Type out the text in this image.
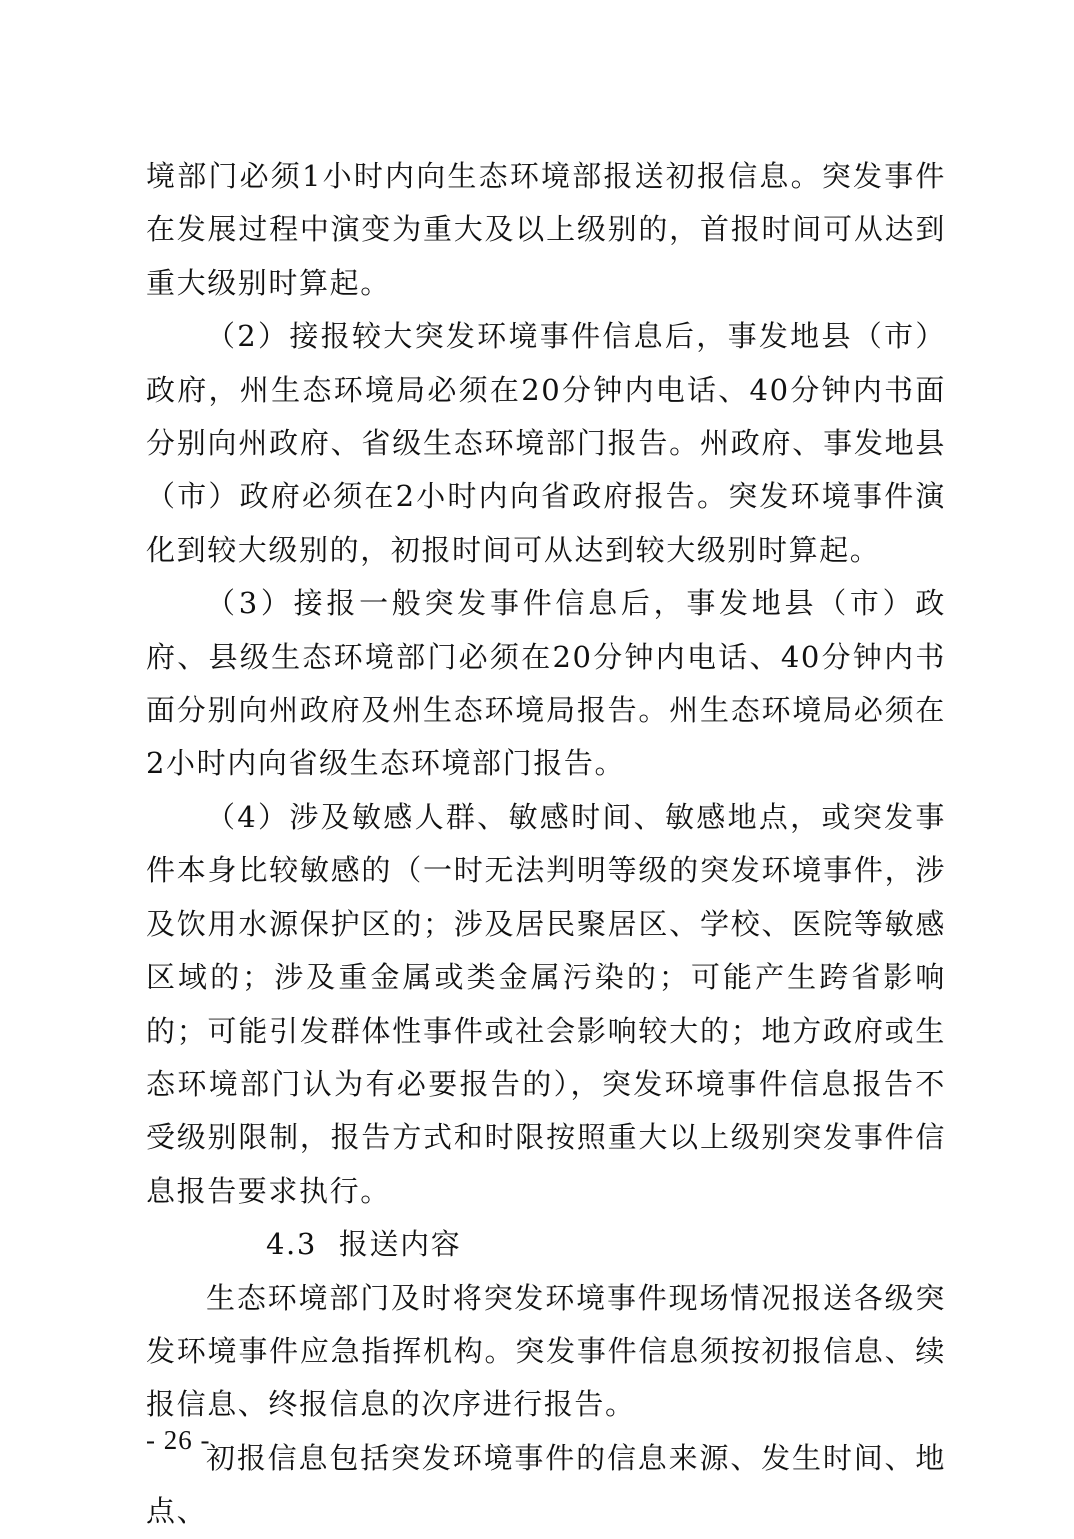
境部门必须1小时内向生态环境部报送初报信息。突发事件在发展过程中演变为重大及以上级别的，首报时间可从达到重大级别时算起。

（2）接报较大突发环境事件信息后，事发地县（市）政府，州生态环境局必须在20分钟内电话、40分钟内书面分别向州政府、省级生态环境部门报告。州政府、事发地县（市）政府必须在2小时内向省政府报告。突发环境事件演化到较大级别的，初报时间可从达到较大级别时算起。

（3）接报一般突发事件信息后，事发地县（市）政府、县级生态环境部门必须在20分钟内电话、40分钟内书面分别向州政府及州生态环境局报告。州生态环境局必须在2小时内向省级生态环境部门报告。

（4）涉及敏感人群、敏感时间、敏感地点，或突发事件本身比较敏感的（一时无法判明等级的突发环境事件，涉及饮用水源保护区的；涉及居民聚居区、学校、医院等敏感区域的；涉及重金属或类金属污染的；可能产生跨省影响的；可能引发群体性事件或社会影响较大的；地方政府或生态环境部门认为有必要报告的），突发环境事件信息报告不受级别限制，报告方式和时限按照重大以上级别突发事件信息报告要求执行。

4.3 报送内容

生态环境部门及时将突发环境事件现场情况报送各级突发环境事件应急指挥机构。突发事件信息须按初报信息、续报信息、终报信息的次序进行报告。

初报信息包括突发环境事件的信息来源、发生时间、地点、

- 26 -
